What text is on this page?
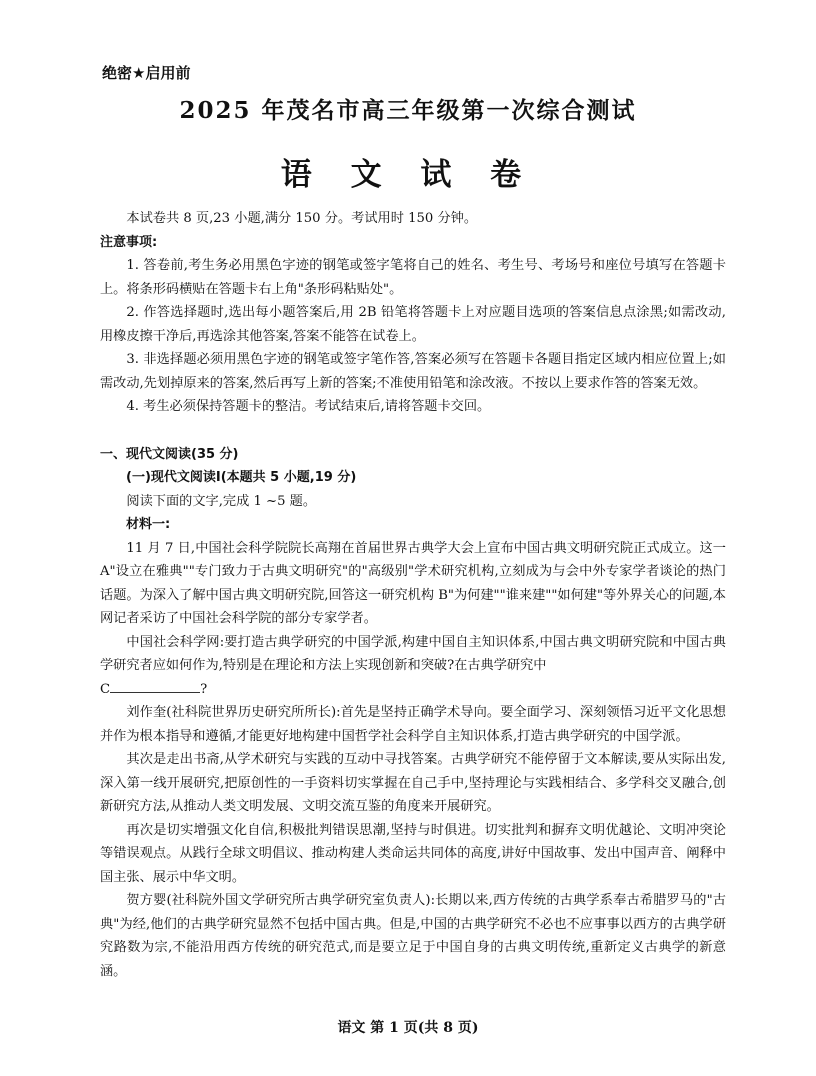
绝密★启用前
2025 年茂名市高三年级第一次综合测试
语 文 试 卷

本试卷共 8 页,23 小题,满分 150 分。考试用时 150 分钟。

注意事项:

1. 答卷前,考生务必用黑色字迹的钢笔或签字笔将自己的姓名、考生号、考场号和座位号填写在答题卡上。将条形码横贴在答题卡右上角"条形码粘贴处"。

2. 作答选择题时,选出每小题答案后,用 2B 铅笔将答题卡上对应题目选项的答案信息点涂黑;如需改动,用橡皮擦干净后,再选涂其他答案,答案不能答在试卷上。

3. 非选择题必须用黑色字迹的钢笔或签字笔作答,答案必须写在答题卡各题目指定区域内相应位置上;如需改动,先划掉原来的答案,然后再写上新的答案;不准使用铅笔和涂改液。不按以上要求作答的答案无效。

4. 考生必须保持答题卡的整洁。考试结束后,请将答题卡交回。

一、现代文阅读(35 分)

(一)现代文阅读Ⅰ(本题共 5 小题,19 分)

阅读下面的文字,完成 1 ~5 题。

材料一:

11 月 7 日,中国社会科学院院长高翔在首届世界古典学大会上宣布中国古典文明研究院正式成立。这一 A"设立在雅典""专门致力于古典文明研究"的"高级别"学术研究机构,立刻成为与会中外专家学者谈论的热门话题。为深入了解中国古典文明研究院,回答这一研究机构 B"为何建""谁来建""如何建"等外界关心的问题,本网记者采访了中国社会科学院的部分专家学者。

中国社会科学网:要打造古典学研究的中国学派,构建中国自主知识体系,中国古典文明研究院和中国古典学研究者应如何作为,特别是在理论和方法上实现创新和突破?在古典学研究中

C	?

刘作奎(社科院世界历史研究所所长):首先是坚持正确学术导向。要全面学习、深刻领悟习近平文化思想并作为根本指导和遵循,才能更好地构建中国哲学社会科学自主知识体系,打造古典学研究的中国学派。

其次是走出书斋,从学术研究与实践的互动中寻找答案。古典学研究不能停留于文本解读,要从实际出发,深入第一线开展研究,把原创性的一手资料切实掌握在自己手中,坚持理论与实践相结合、多学科交叉融合,创新研究方法,从推动人类文明发展、文明交流互鉴的角度来开展研究。

再次是切实增强文化自信,积极批判错误思潮,坚持与时俱进。切实批判和摒弃文明优越论、文明冲突论等错误观点。从践行全球文明倡议、推动构建人类命运共同体的高度,讲好中国故事、发出中国声音、阐释中国主张、展示中华文明。

贺方婴(社科院外国文学研究所古典学研究室负责人):长期以来,西方传统的古典学系奉古希腊罗马的"古典"为经,他们的古典学研究显然不包括中国古典。但是,中国的古典学研究不必也不应事事以西方的古典学研究路数为宗,不能沿用西方传统的研究范式,而是要立足于中国自身的古典文明传统,重新定义古典学的新意涵。

语文 第 1 页(共 8 页)
